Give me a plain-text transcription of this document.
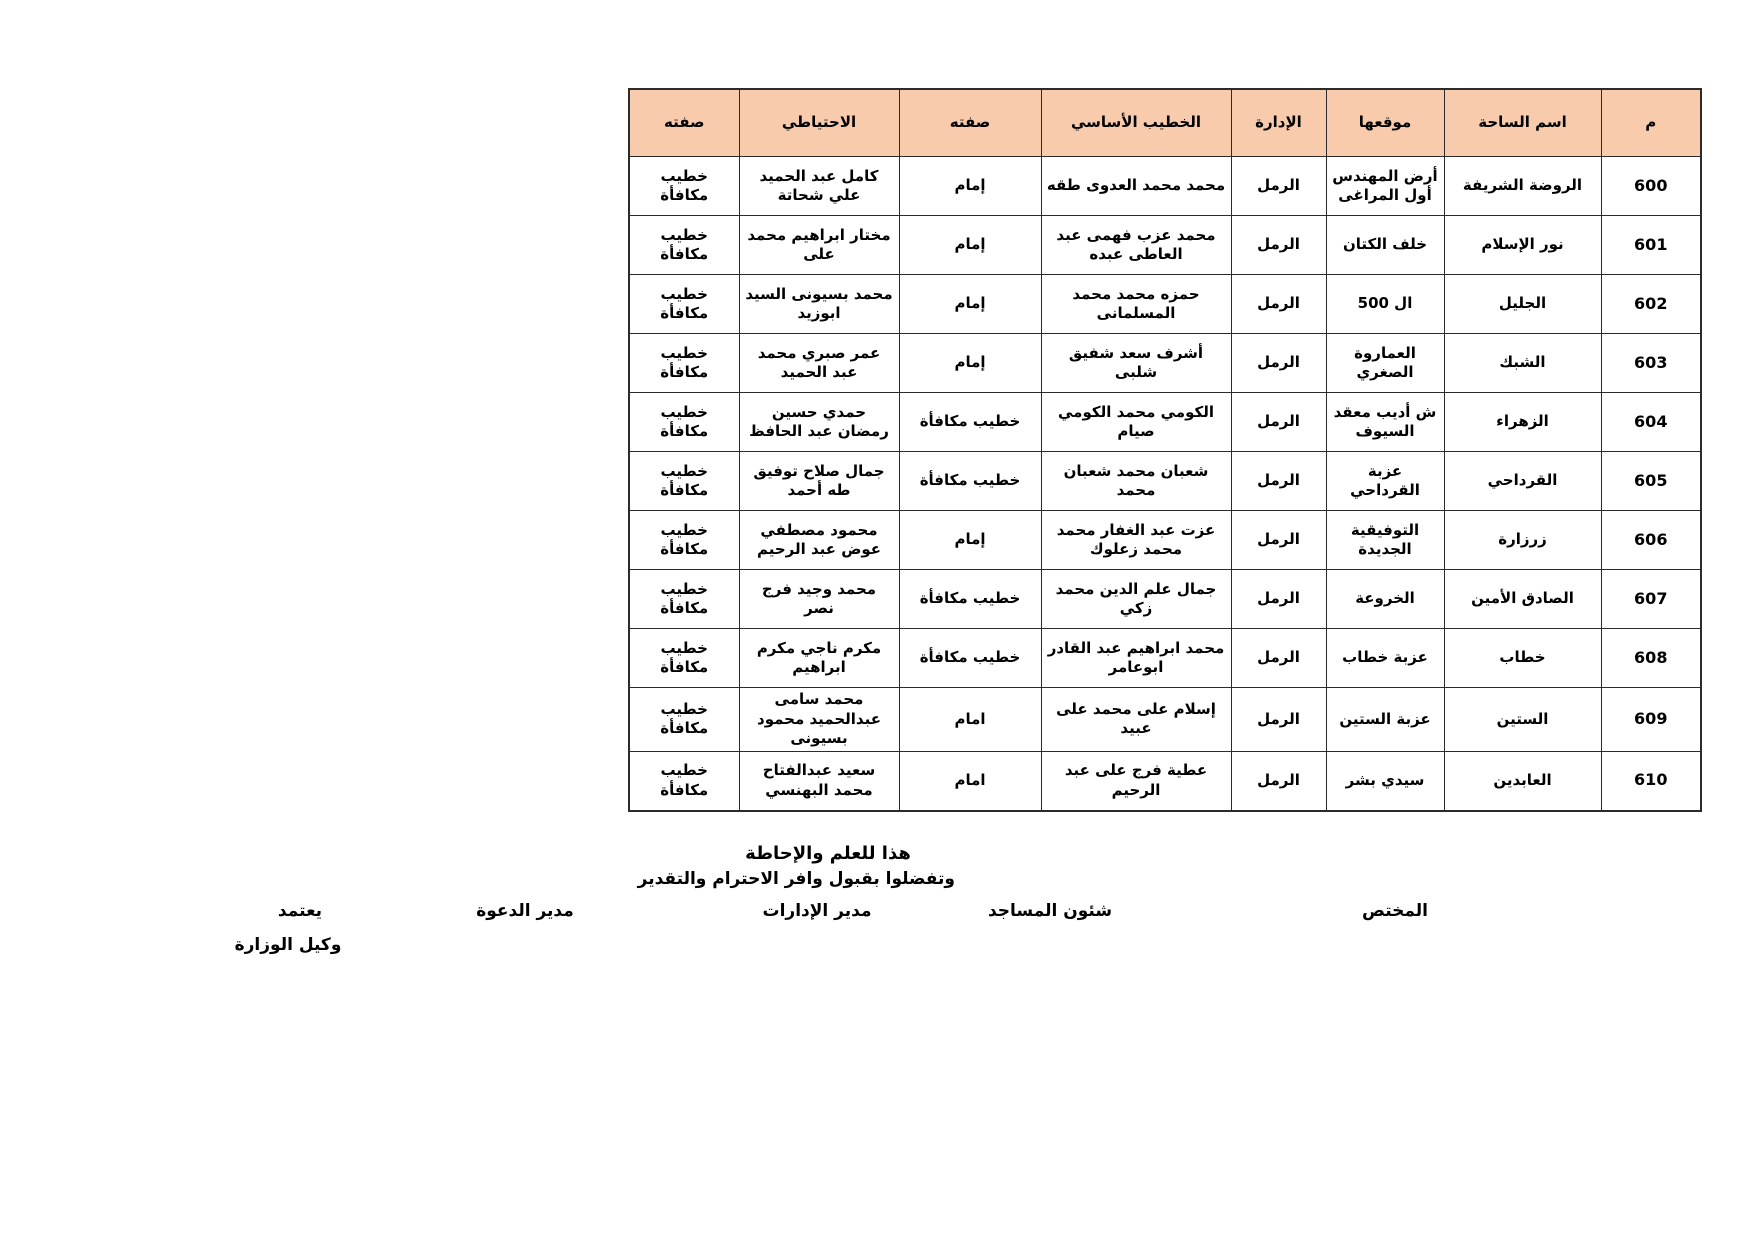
م	اسم الساحة	موقعها	الإدارة	الخطيب الأساسي	صفته	الاحتياطي	صفته
600	الروضة الشريفة	أرض المهندس أول المراغى	الرمل	محمد محمد العدوى طقه	إمام	كامل عبد الحميد علي شحاتة	خطيب مكافأة
601	نور الإسلام	خلف الكتان	الرمل	محمد عزب فهمى عبد العاطى عبده	إمام	مختار ابراهيم محمد على	خطيب مكافأة
602	الجليل	ال 500	الرمل	حمزه محمد محمد المسلمانى	إمام	محمد بسيونى السيد ابوزيد	خطيب مكافأة
603	الشبك	العماروة الصغري	الرمل	أشرف سعد شفيق شلبى	إمام	عمر صبري محمد عبد الحميد	خطيب مكافأة
604	الزهراء	ش أديب معقد السيوف	الرمل	الكومي محمد الكومي صيام	خطيب مكافأة	حمدي حسين رمضان عبد الحافظ	خطيب مكافأة
605	القرداحي	عزبة القرداحي	الرمل	شعبان محمد شعبان محمد	خطيب مكافأة	جمال صلاح توفيق طه أحمد	خطيب مكافأة
606	زرزارة	التوفيقية الجديدة	الرمل	عزت عبد الغفار محمد محمد زعلوك	إمام	محمود مصطفي عوض عبد الرحيم	خطيب مكافأة
607	الصادق الأمين	الخروعة	الرمل	جمال علم الدين محمد زكي	خطيب مكافأة	محمد وجيد فرج نصر	خطيب مكافأة
608	خطاب	عزبة خطاب	الرمل	محمد ابراهيم عبد القادر ابوعامر	خطيب مكافأة	مكرم ناجي مكرم ابراهيم	خطيب مكافأة
609	الستين	عزبة الستين	الرمل	إسلام على محمد على عبيد	امام	محمد سامى عبدالحميد محمود بسيونى	خطيب مكافأة
610	العابدين	سيدي بشر	الرمل	عطية فرج على عبد الرحيم	امام	سعيد عبدالفتاح محمد البهنسي	خطيب مكافأة
هذا للعلم والإحاطة
وتفضلوا بقبول وافر الاحترام والتقدير
المختص
شئون المساجد
مدير الإدارات
مدير الدعوة
يعتمد
وكيل الوزارة
